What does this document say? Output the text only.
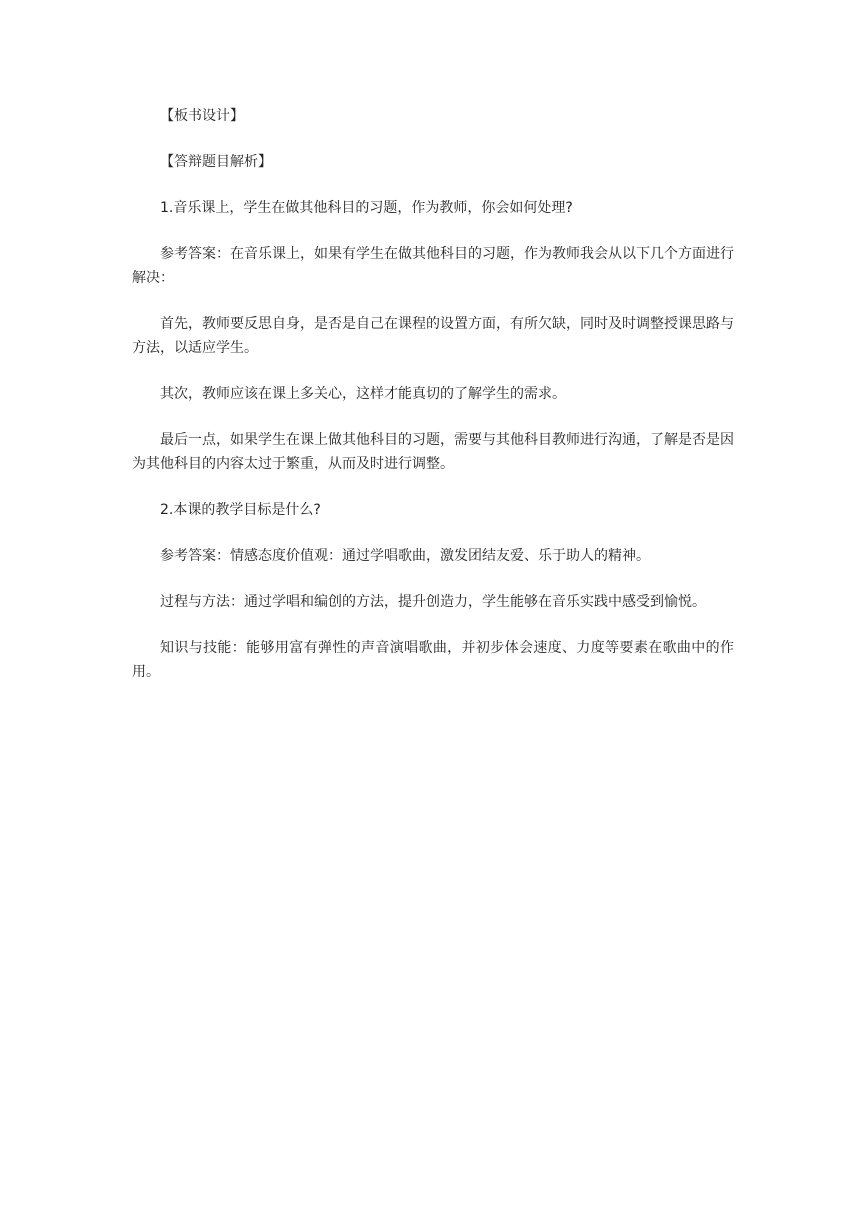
【板书设计】

【答辩题目解析】

1.音乐课上，学生在做其他科目的习题，作为教师，你会如何处理?

参考答案：在音乐课上，如果有学生在做其他科目的习题，作为教师我会从以下几个方面进行解决：

首先，教师要反思自身，是否是自己在课程的设置方面，有所欠缺，同时及时调整授课思路与方法，以适应学生。

其次，教师应该在课上多关心，这样才能真切的了解学生的需求。

最后一点，如果学生在课上做其他科目的习题，需要与其他科目教师进行沟通，了解是否是因为其他科目的内容太过于繁重，从而及时进行调整。

2.本课的教学目标是什么?

参考答案：情感态度价值观：通过学唱歌曲，激发团结友爱、乐于助人的精神。

过程与方法：通过学唱和编创的方法，提升创造力，学生能够在音乐实践中感受到愉悦。

知识与技能：能够用富有弹性的声音演唱歌曲，并初步体会速度、力度等要素在歌曲中的作用。
